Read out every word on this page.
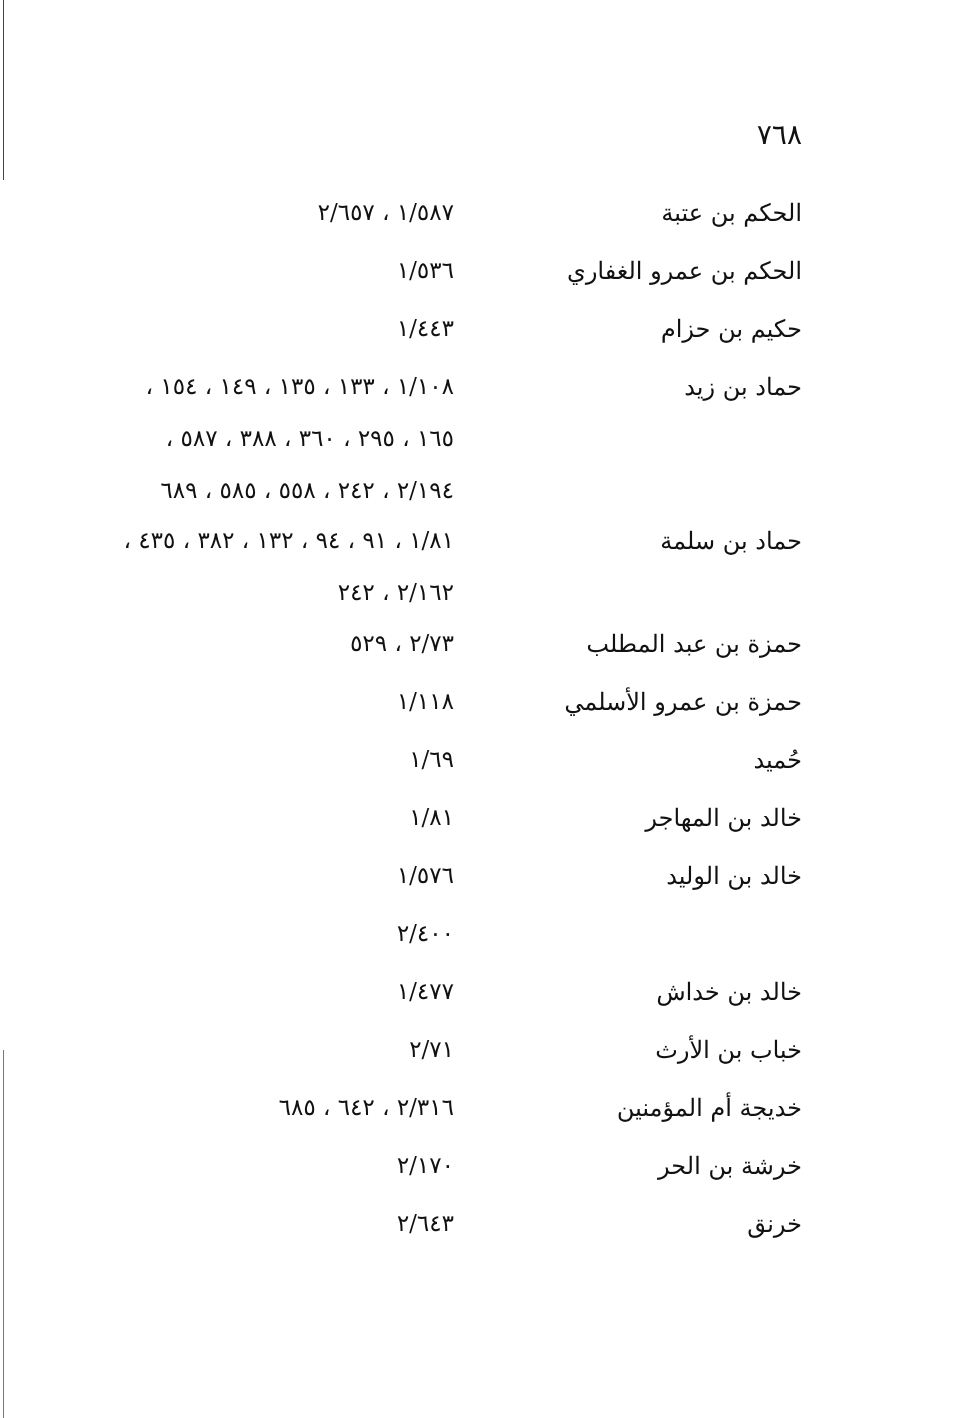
٧٦٨
الحكم بن عتبة
١/٥٨٧ ، ٢/٦٥٧
الحكم بن عمرو الغفاري
١/٥٣٦
حكيم بن حزام
١/٤٤٣
حماد بن زيد
١/١٠٨ ، ١٣٣ ، ١٣٥ ، ١٤٩ ، ١٥٤ ،
١٦٥ ، ٢٩٥ ، ٣٦٠ ، ٣٨٨ ، ٥٨٧ ،
٢/١٩٤ ، ٢٤٢ ، ٥٥٨ ، ٥٨٥ ، ٦٨٩
حماد بن سلمة
١/٨١ ، ٩١ ، ٩٤ ، ١٣٢ ، ٣٨٢ ، ٤٣٥ ،
٢/١٦٢ ، ٢٤٢
حمزة بن عبد المطلب
٢/٧٣ ، ٥٢٩
حمزة بن عمرو الأسلمي
١/١١٨
حُميد
١/٦٩
خالد بن المهاجر
١/٨١
خالد بن الوليد
١/٥٧٦
٢/٤٠٠
خالد بن خداش
١/٤٧٧
خباب بن الأرث
٢/٧١
خديجة أم المؤمنين
٢/٣١٦ ، ٦٤٢ ، ٦٨٥
خرشة بن الحر
٢/١٧٠
خرنق
٢/٦٤٣
